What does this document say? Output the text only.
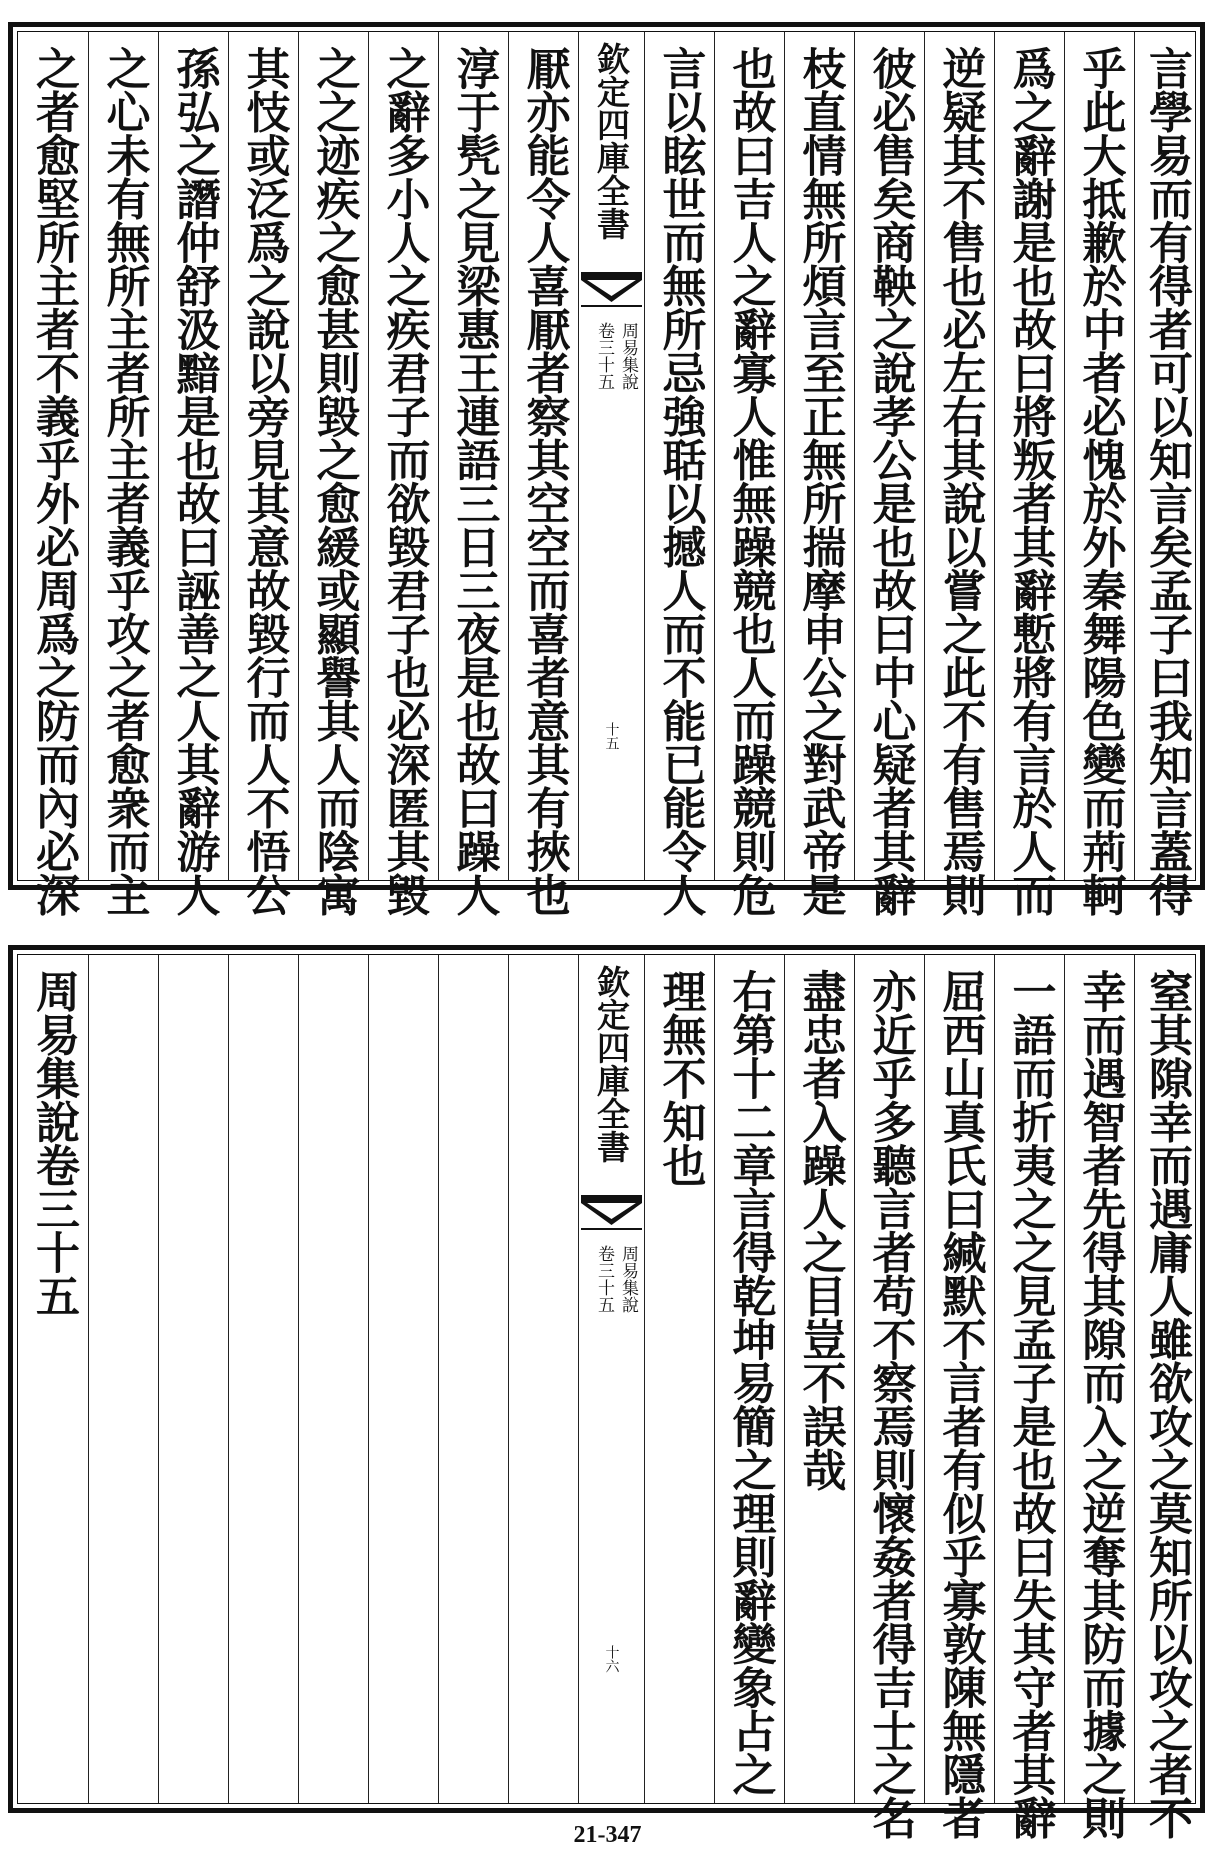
之者愈堅所主者不義乎外必周爲之防而內必深 之心未有無所主者所主者義乎攻之者愈衆而主 孫弘之譖仲舒汲黯是也故曰誣善之人其辭游人 其忮或泛爲之說以旁見其意故毀行而人不悟公 之之迹疾之愈甚則毀之愈緩或顯譽其人而陰寓 之辭多小人之疾君子而欲毀君子也必深匿其毀 淳于髠之見梁惠王連語三日三夜是也故曰躁人 厭亦能令人喜厭者察其空空而喜者意其有挾也 欽定四庫全書
周易集說
卷三十五
十五 言以眩世而無所忌強聒以撼人而不能已能令人 也故曰吉人之辭寡人惟無躁競也人而躁競則危 枝直情無所煩言至正無所揣摩申公之對武帝是 彼必售矣商鞅之說孝公是也故曰中心疑者其辭 逆疑其不售也必左右其說以嘗之此不有售焉則 爲之辭謝是也故曰將叛者其辭慙將有言於人而 乎此大抵歉於中者必愧於外秦舞陽色變而荊軻 言學易而有得者可以知言矣孟子曰我知言蓋得
周易集說卷三十五	欽定四庫全書
周易集說
卷三十五
十六
理無不知也 右第十二章言得乾坤易簡之理則辭變象占之 盡忠者入躁人之目豈不誤哉 亦近乎多聽言者苟不察焉則懷姦者得吉士之名 屈西山真氏曰緘默不言者有似乎寡敦陳無隱者 一語而折夷之之見孟子是也故曰失其守者其辭 幸而遇智者先得其隙而入之逆奪其防而據之則 窒其隙幸而遇庸人雖欲攻之莫知所以攻之者不
21-347
